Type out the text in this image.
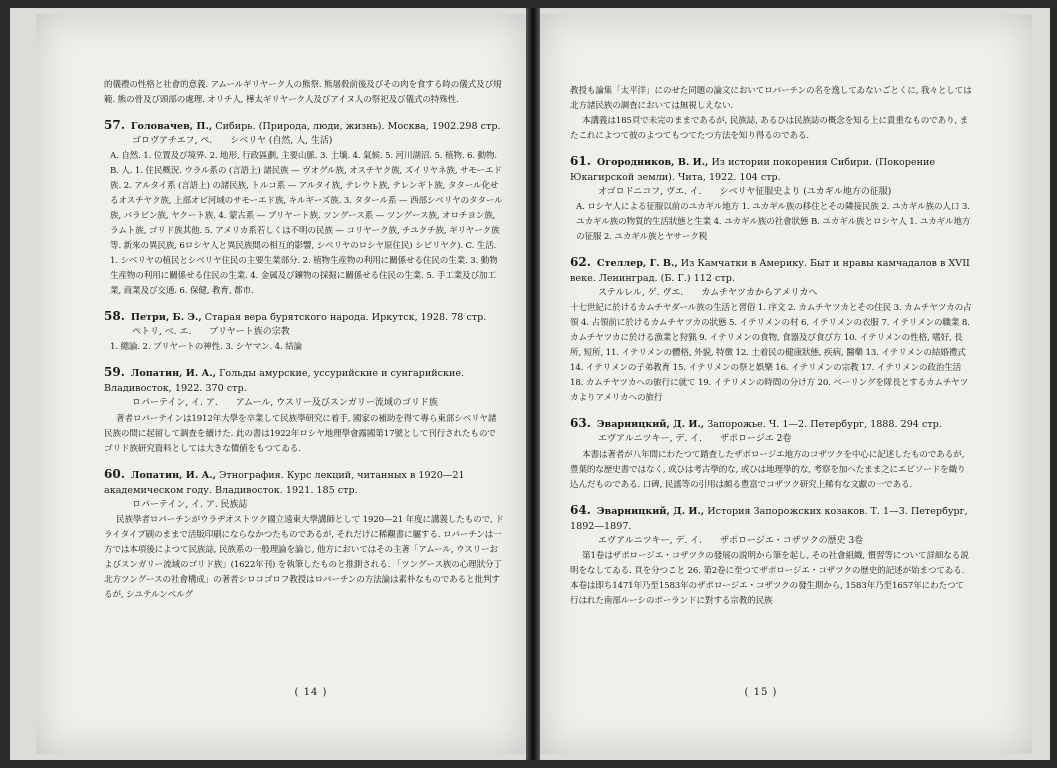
的儀禮の性格と社會的意義. アムールギリヤーク人の熊祭. 熊屠殺前後及びその肉を食する時の儀式及び規範. 熊の骨及び頭部の處理. オリチ人, 樺太ギリヤーク人及びアイヌ人の祭祀及び儀式の特殊性.
57. Головачев, П., Сибирь. (Природа, люди, жизнь). Москва, 1902.298 стр.
ゴロヴアチエフ, ペ.　　シベリヤ (自然, 人, 生活)
A. 自然. 1. 位置及び境界. 2. 地形, 行政區劃, 主要山脈. 3. 土壤. 4. 氣候. 5. 河川湖沼. 5. 植物. 6. 動物. B. 人. 1. 住民概況. ウラル系の (言語上) 諸民族 — ヴオグル族, オスチヤク族, ズイリヤネ族, サモーエド族. 2. アルタイ系 (言語上) の諸民族, トルコ系 — アルタイ族, テレウト族, テレンギト族, タタール化せるオスチヤク族, 上部オビ河域のサモーエド族, キルギーズ族. 3. タタール系 — 西部シベリヤのタタール族, バラビン族, ヤクート族. 4. 蒙古系 — ブリヤート族. ツングース系 — ツングース族, オロチヨン族, ラムト族, ゴリド族其他. 5. アメリカ系若しくは不明の民族 — コリヤーク族, チユクチ族, ギリヤーク族等. 新來の異民族, 6ロシヤ人と異民族間の相互的影響, シベリヤのロシヤ原住民) シビリヤク). C. 生活. 1. シベリヤの植民とシベリヤ住民の主要生業部分. 2. 植物生産物の利用に關係せる住民の生業. 3. 動物生産物の利用に關係せる住民の生業. 4. 金属及び鑛物の採掘に關係せる住民の生業. 5. 手工業及び加工業, 商業及び交通. 6. 保健, 教育, 都市.
58. Петри, Б. Э., Старая вера бурятского народа. Иркутск, 1928. 78 стр.
ペトリ, ベ. エ.　　ブリヤート族の宗教
1. 總論. 2. ブリヤートの神性. 3. シヤマン. 4. 結論
59. Лопатин, И. А., Гольды амурские, уссурийские и сунгарийские. Владивосток, 1922. 370 стр.
ロパーテイン, イ. ア.　　アムール, ウスリー及びスンガリー流域のゴリド族
著者ロパーテインは1912年大學を卒業して民族學研究に着手, 國家の補助を得て專ら東部シベリヤ諸民族の間に起留して調査を續けた. 此の書は1922年ロシヤ地理學會露國第17號として刊行されたものでゴリド族研究資料としては大きな價値をもつてゐる.
60. Лопатин, И. А., Этнография. Курс лекций, читанных в 1920—21 академическом году. Владивосток. 1921. 185 стр.
ロパーテイン, イ. ア. 民族誌
民族學者ロパーチンがウラヂオストツク國立遠東大學講師として 1920—21 年度に講義したもので, ドライタイプ刷のままで活版印刷にならなかつたものであるが, それだけに稀覯書に屬する. ロパーチンは一方では本項後によつて民族誌, 民族系の一般理論を論じ, 他方においてはその主著「アムール, ウスリーおよびスンガリー流域のゴリド族」(1622年刊) を執筆したものと推測される. 「ツングース族の心理狀分丁北方ツングースの社會構成」の著者シロコゴロフ教授はロパーチンの方法論は素朴なものであると批判するが, シユテルンベルグ
( 14 )
教授も論集「太平洋」にのせた同題の論文においてロパーチンの名を逸してゐないごとくに, 我々としては北方諸民族の調査においては無視しえない.
本講義は185頁で未完のままであるが, 民族誌, あるひは民族誌の概念を知る上に貴重なものであり, またこれによつて彼のよつてもつてたつ方法を知り得るのである.
61. Огородников, В. И., Из истории покорения Сибири. (Покорение Юкагирской земли). Чита, 1922. 104 стр.
オゴロドニコフ, ヴエ. イ.　　シベリヤ征服史より (ユカギル地方の征服)
A. ロシヤ人による征服以前のユカギル地方 1. ユカギル族の移住とその隣接民族 2. ユカギル族の人口 3. ユカギル族の物質的生活狀態と生業 4. ユカギル族の社會狀態 B. ユカギル族とロシヤ人 1. ユカギル地方の征服 2. ユカギル族とヤサーク税
62. Стеллер, Г. В., Из Камчатки в Америку. Быт и нравы камчадалов в XVII веке. Ленинград. (Б. Г.) 112 стр.
ステルレル, ゲ. ヴエ.　　カムチヤツカからアメリカへ
十七世紀に於けるカムチヤダール族の生活と習俗 1. 序文 2. カムチヤツカとその住民 3. カムチヤツカの占領 4. 占領前に於けるカムチヤツカの狀態 5. イテリメンの村 6. イテリメンの衣服 7. イテリメンの職業 8. カムチヤツカに於ける漁業と狩猟 9. イテリメンの食物, 食器及び食び方 10. イテリメンの性格, 嗜好, 長所, 短所, 11. イテリメンの體格, 外貌, 特徴 12. 土着民の健康狀態, 疾病, 醫藥 13. イテリメンの結婚禮式 14. イテリメンの子弟教育 15. イテリメンの祭と娯樂 16. イテリメンの宗教 17. イテリメンの政治生活 18. カムチヤツカへの旅行に就て 19. イテリメンの時間の分け方 20. ベーリングを隊長とするカムチヤツカよりアメリカへの旅行
63. Эварницкий, Д. И., Запорожье. Ч. 1—2. Петербург, 1888. 294 стр.
エヴアルニツキー, デ. イ.　　ザポロージエ 2卷
本書は著者が八年間にわたつて踏査したザポロージエ地方のコザツクを中心に記述したものであるが, 豊葉的な歴史書ではなく, 或ひは考古學的な, 或ひは地理學的な, 考察を加へたまま之にエピソードを織り込んだものである. 口碑, 民謠等の引用は頗る豊富でコザツク研究上稀有な文獻の一である.
64. Эварницкий, Д. И., История Запорожских козаков. Т. 1—3. Петербург, 1892—1897.
エヴアルニツキー, デ. イ.　　ザポロージエ・コザツクの歴史 3卷
第1卷はザポロージエ・コザツクの發展の説明から筆を起し, その社會組織, 慣習等について詳細なる説明をなしてゐる. 頁を分つこと 26. 第2卷に至つてザポロージエ・コザツクの歴史的記述が始まつてゐる. 本卷は即ち1471年乃至1583年のザポロージエ・コザツクの發生期から, 1583年乃至1657年にわたつて行はれた南部ルーシのポーランドに對する宗教的民族
( 15 )
